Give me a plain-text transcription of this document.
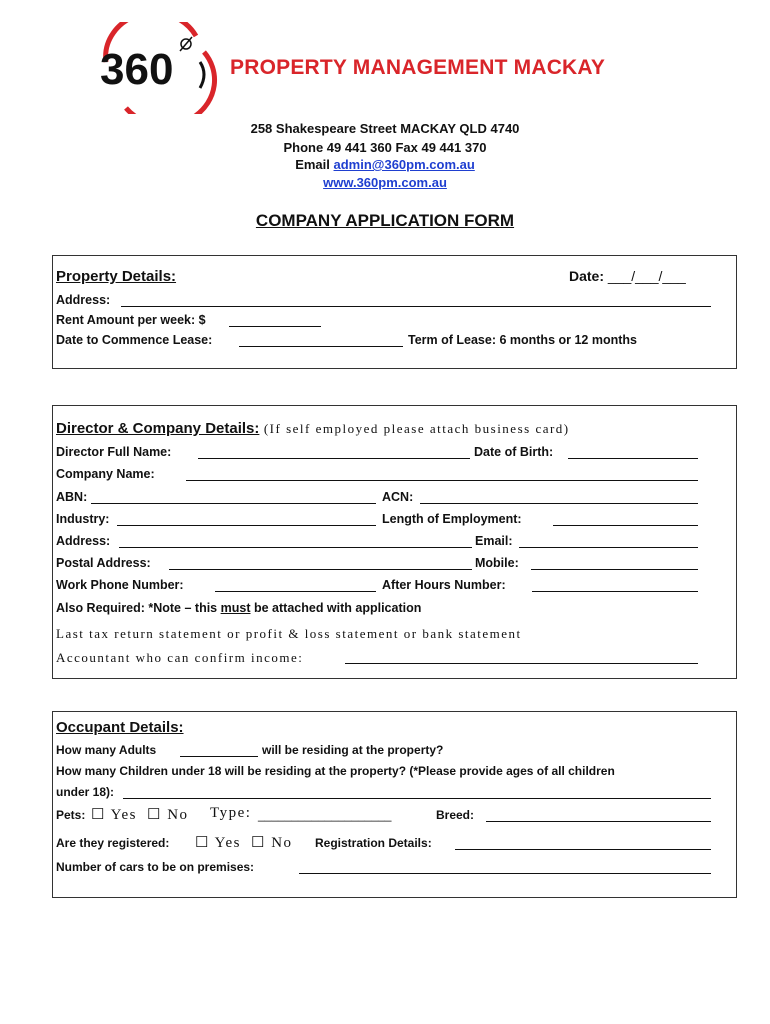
360	PROPERTY MANAGEMENT MACKAY
258 Shakespeare Street MACKAY QLD 4740
Phone 49 441 360 Fax 49 441 370
Email admin@360pm.com.au
www.360pm.com.au
COMPANY APPLICATION FORM
Property Details:	Date: ___/___/___
Address:
Rent Amount per week: $
Date to Commence Lease:	Term of Lease: 6 months or 12 months
Director & Company Details: (If self employed please attach business card)
Director Full Name:	Date of Birth:
Company Name:
ABN:	ACN:
Industry:	Length of Employment:
Address:	Email:
Postal Address:	Mobile:
Work Phone Number:	After Hours Number:
Also Required: *Note – this must be attached with application
Last tax return statement or profit & loss statement or bank statement
Accountant who can confirm income:
Occupant Details:
How many Adults	will be residing at the property?
How many Children under 18 will be residing at the property? (*Please provide ages of all children
under 18):
Pets: ☐ Yes ☐ No Type: ____________________	Breed:
Are they registered: ☐ Yes ☐ No Registration Details:
Number of cars to be on premises:
